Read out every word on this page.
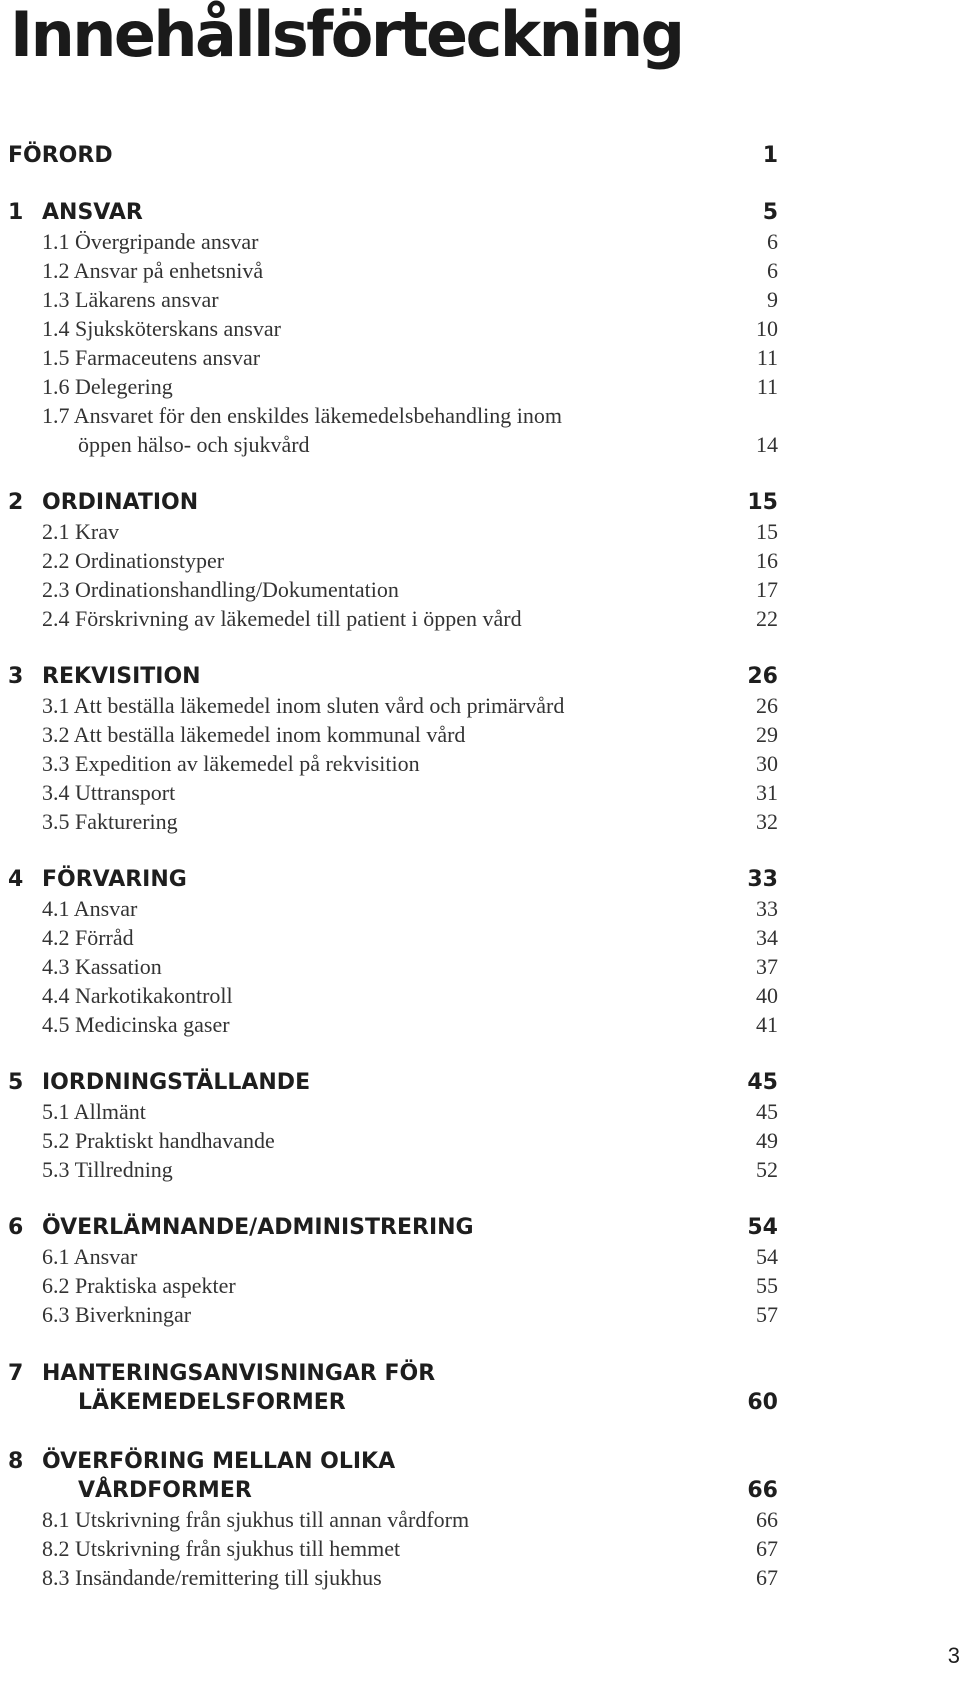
Innehållsförteckning
FÖRORD	1
1 ANSVAR	5
1.1 Övergripande ansvar	6
1.2 Ansvar på enhetsnivå	6
1.3 Läkarens ansvar	9
1.4 Sjuksköterskans ansvar	10
1.5 Farmaceutens ansvar	11
1.6 Delegering	11
1.7 Ansvaret för den enskildes läkemedelsbehandling inom
öppen hälso- och sjukvård	14
2 ORDINATION	15
2.1 Krav	15
2.2 Ordinationstyper	16
2.3 Ordinationshandling/Dokumentation	17
2.4 Förskrivning av läkemedel till patient i öppen vård	22
3 REKVISITION	26
3.1 Att beställa läkemedel inom sluten vård och primärvård	26
3.2 Att beställa läkemedel inom kommunal vård	29
3.3 Expedition av läkemedel på rekvisition	30
3.4 Uttransport	31
3.5 Fakturering	32
4 FÖRVARING	33
4.1 Ansvar	33
4.2 Förråd	34
4.3 Kassation	37
4.4 Narkotikakontroll	40
4.5 Medicinska gaser	41
5 IORDNINGSTÄLLANDE	45
5.1 Allmänt	45
5.2 Praktiskt handhavande	49
5.3 Tillredning	52
6 ÖVERLÄMNANDE/ADMINISTRERING	54
6.1 Ansvar	54
6.2 Praktiska aspekter	55
6.3 Biverkningar	57
7 HANTERINGSANVISNINGAR FÖR
LÄKEMEDELSFORMER	60
8 ÖVERFÖRING MELLAN OLIKA
VÅRDFORMER	66
8.1 Utskrivning från sjukhus till annan vårdform	66
8.2 Utskrivning från sjukhus till hemmet	67
8.3 Insändande/remittering till sjukhus	67
3
